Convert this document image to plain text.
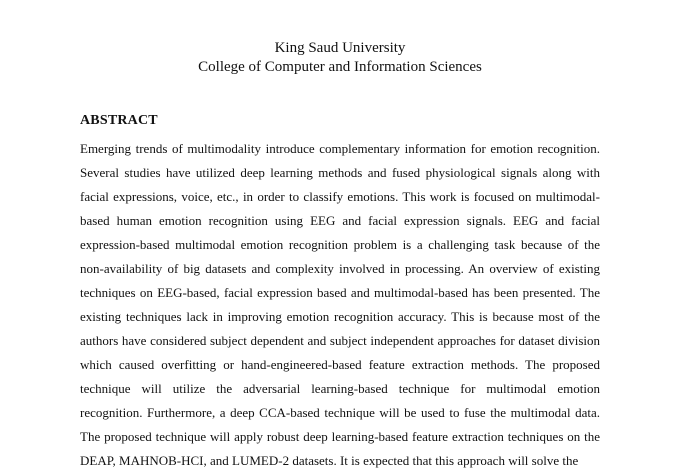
King Saud University
College of Computer and Information Sciences
ABSTRACT
Emerging trends of multimodality introduce complementary information for emotion recognition.
Several studies have utilized deep learning methods and fused physiological signals along with
facial expressions, voice, etc., in order to classify emotions. This work is focused on multimodal-
based human emotion recognition using EEG and facial expression signals. EEG and facial
expression-based multimodal emotion recognition problem is a challenging task because of the
non-availability of big datasets and complexity involved in processing. An overview of existing
techniques on EEG-based, facial expression based and multimodal-based has been presented. The
existing techniques lack in improving emotion recognition accuracy. This is because most of the
authors have considered subject dependent and subject independent approaches for dataset division
which caused overfitting or hand-engineered-based feature extraction methods. The proposed
technique will utilize the adversarial learning-based technique for multimodal emotion
recognition. Furthermore, a deep CCA-based technique will be used to fuse the multimodal data.
The proposed technique will apply robust deep learning-based feature extraction techniques on the
DEAP, MAHNOB-HCI, and LUMED-2 datasets. It is expected that this approach will solve the
